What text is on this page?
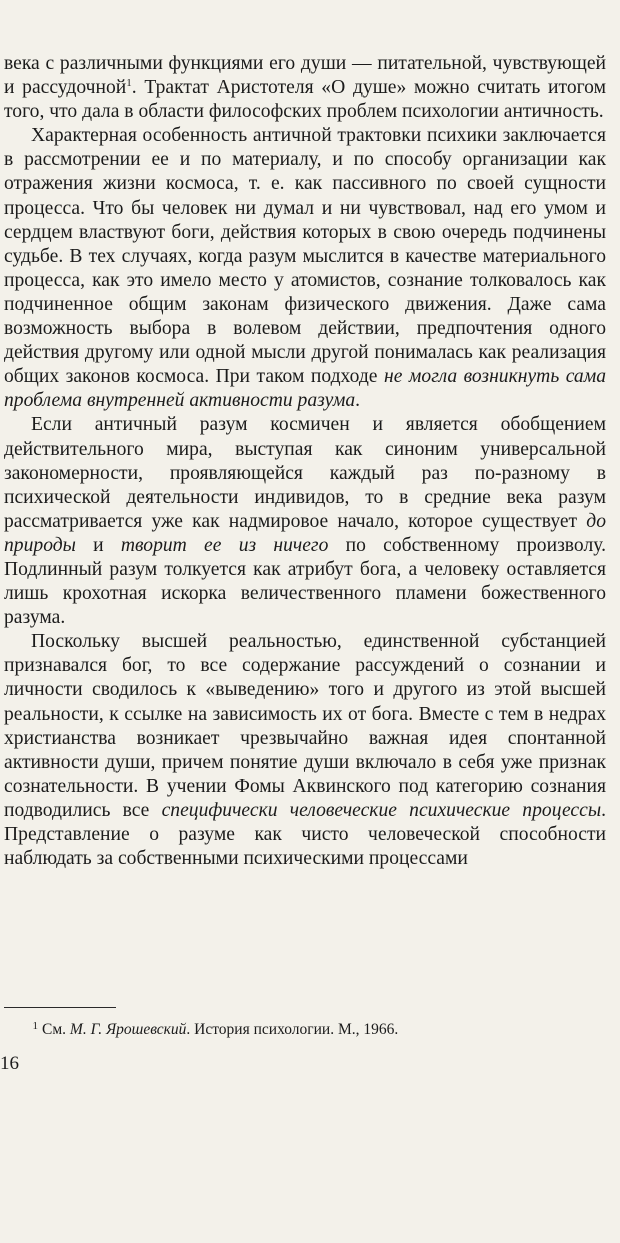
века с различными функциями его души — питательной, чувствующей и рассудочной$^1$. Трактат Аристотеля «О душе» можно считать итогом того, что дала в области философских проблем психологии античность.

Характерная особенность античной трактовки психики заключается в рассмотрении ее и по материалу, и по способу организации как отражения жизни космоса, т. е. как пассивного по своей сущности процесса. Что бы человек ни думал и ни чувствовал, над его умом и сердцем властвуют боги, действия которых в свою очередь подчинены судьбе. В тех случаях, когда разум мыслится в качестве материального процесса, как это имело место у атомистов, сознание толковалось как подчиненное общим законам физического движения. Даже сама возможность выбора в волевом действии, предпочтения одного действия другому или одной мысли другой понималась как реализация общих законов космоса. При таком подходе не могла возникнуть сама проблема внутренней активности разума.

Если античный разум космичен и является обобщением действительного мира, выступая как синоним универсальной закономерности, проявляющейся каждый раз по-разному в психической деятельности индивидов, то в средние века разум рассматривается уже как надмировое начало, которое существует до природы и творит ее из ничего по собственному произволу. Подлинный разум толкуется как атрибут бога, а человеку оставляется лишь крохотная искорка величественного пламени божественного разума.

Поскольку высшей реальностью, единственной субстанцией признавался бог, то все содержание рассуждений о сознании и личности сводилось к «выведению» того и другого из этой высшей реальности, к ссылке на зависимость их от бога. Вместе с тем в недрах христианства возникает чрезвычайно важная идея спонтанной активности души, причем понятие души включало в себя уже признак сознательности. В учении Фомы Аквинского под категорию сознания подводились все специфически человеческие психические процессы. Представление о разуме как чисто человеческой способности наблюдать за собственными психическими процессами

1 См. М. Г. Ярошевский. История психологии. М., 1966.
16
